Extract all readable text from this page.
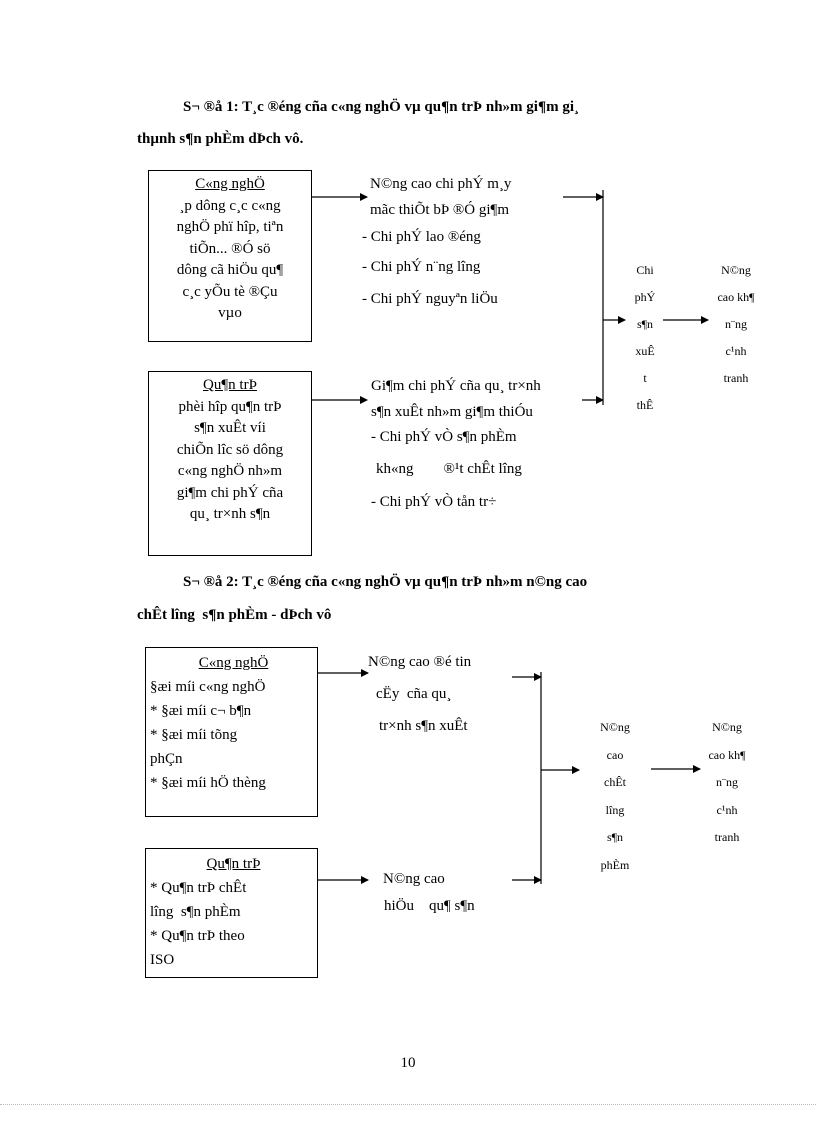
S¬ ®å 1: T¸c ®éng cña c«ng nghÖ vµ qu¶n trÞ nh»m gi¶m gi¸
thµnh s¶n phÈm dÞch vô.
C«ng nghÖ
¸p dông c¸c c«ng
nghÖ phï hîp, tiªn
tiÕn... ®Ó sö
dông cã hiÖu qu¶
c¸c yÕu tè ®Çu
vµo
Qu¶n trÞ
phèi hîp qu¶n trÞ
s¶n xuÊt víi
chiÕn lîc sö dông
c«ng nghÖ nh»m
gi¶m chi phÝ cña
qu¸ tr×nh s¶n
N©ng cao chi phÝ m¸y
mãc thiÕt bÞ ®Ó gi¶m
- Chi phÝ lao ®éng
- Chi phÝ n¨ng lîng
- Chi phÝ nguyªn liÖu
Gi¶m chi phÝ cña qu¸ tr×nh
s¶n xuÊt nh»m gi¶m thiÓu
- Chi phÝ vÒ s¶n phÈm
kh«ng        ®¹t chÊt lîng
- Chi phÝ vÒ tån tr÷
Chi
phÝ
s¶n
xuÊ
t
thÊ
N©ng
cao kh¶
n¨ng
c¹nh
tranh
S¬ ®å 2: T¸c ®éng cña c«ng nghÖ vµ qu¶n trÞ nh»m n©ng cao
chÊt lîng  s¶n phÈm - dÞch vô
C«ng nghÖ
§æi míi c«ng nghÖ
* §æi míi c¬ b¶n
* §æi míi tõng
phÇn
* §æi míi hÖ thèng
Qu¶n trÞ
* Qu¶n trÞ chÊt
lîng  s¶n phÈm
* Qu¶n trÞ theo
ISO
N©ng cao ®é tin
cËy  cña qu¸
tr×nh s¶n xuÊt
N©ng cao
hiÖu    qu¶ s¶n
N©ng
cao
chÊt
lîng
s¶n
phÈm
N©ng
cao kh¶
n¨ng
c¹nh
tranh
10
